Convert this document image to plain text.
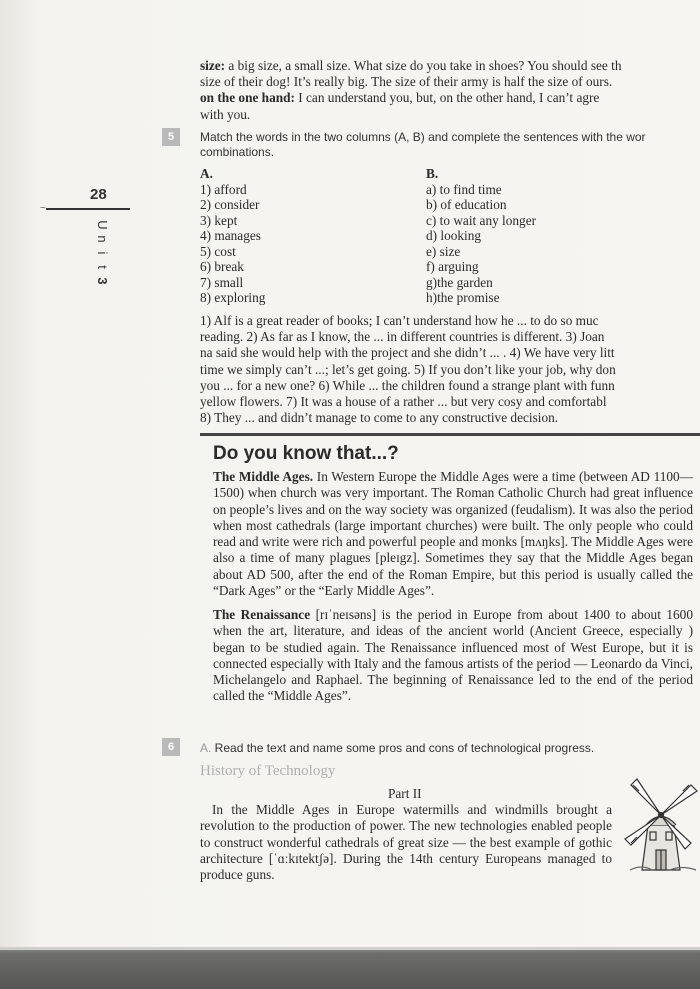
28
~
U
n
i
t
3

size: a big size, a small size. What size do you take in shoes? You should see th

size of their dog! It’s really big. The size of their army is half the size of ours.

on the one hand: I can understand you, but, on the other hand, I can’t agre

with you.

5	Match the words in the two columns (A, B) and complete the sentences with the wor
combinations.
A.
1) afford
2) consider
3) kept
4) manages
5) cost
6) break
7) small
8) exploring
B.
a) to find time
b) of education
c) to wait any longer
d) looking
e) size
f) arguing
g)the garden
h)the promise

1) Alf is a great reader of books; I can’t understand how he ... to do so muc

reading. 2) As far as I know, the ... in different countries is different. 3) Joan

na said she would help with the project and she didn’t ... . 4) We have very litt

time we simply can’t ...; let’s get going. 5) If you don’t like your job, why don

you ... for a new one? 6) While ... the children found a strange plant with funn

yellow flowers. 7) It was a house of a rather ... but very cosy and comfortabl

8) They ... and didn’t manage to come to any constructive decision.

Do you know that...?
The Middle Ages. In Western Europe the Middle Ages were a time (between AD 1100—1500) when church was very important. The Roman Catholic Church had great influence on people’s lives and on the way society was organized (feudalism). It was also the period when most cathedrals (large important churches) were built. The only people who could read and write were rich and powerful people and monks [mʌŋks]. The Middle Ages were also a time of many plagues [pleɪgz]. Sometimes they say that the Middle Ages began about AD 500, after the end of the Roman Empire, but this period is usually called the “Dark Ages” or the “Early Middle Ages”.
The Renaissance [rɪˈneɪsəns] is the period in Europe from about 1400 to about 1600 when the art, literature, and ideas of the ancient world (Ancient Greece, especially ) began to be studied again. The Renaissance influenced most of West Europe, but it is connected especially with Italy and the famous artists of the period — Leonardo da Vinci, Michelangelo and Raphael. The beginning of Renaissance led to the end of the period called the “Middle Ages”.
6	A. Read the text and name some pros and cons of technological progress.
History of Technology
Part II
In the Middle Ages in Europe watermills and windmills brought a revolution to the production of power. The new technologies enabled people to construct wonderful cathedrals of great size — the best example of gothic architecture [ˈɑːkɪtektʃə]. During the 14th century Europeans managed to produce guns.
